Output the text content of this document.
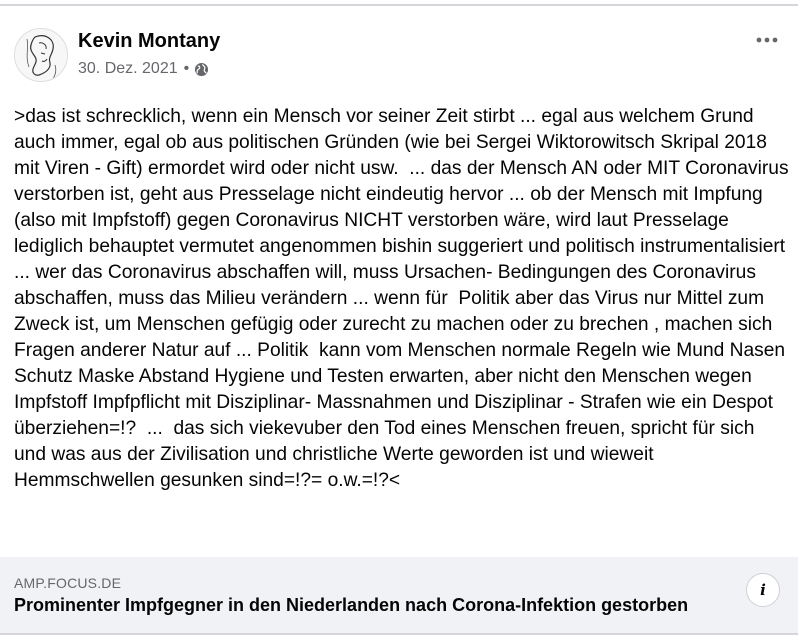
Kevin Montany
30. Dez. 2021 •

>das ist schrecklich, wenn ein Mensch vor seiner Zeit stirbt ... egal aus welchem Grund auch immer, egal ob aus politischen Gründen (wie bei Sergei Wiktorowitsch Skripal 2018 mit Viren - Gift) ermordet wird oder nicht usw.  ... das der Mensch AN oder MIT Coronavirus verstorben ist, geht aus Presselage nicht eindeutig hervor ... ob der Mensch mit Impfung (also mit Impfstoff) gegen Coronavirus NICHT verstorben wäre, wird laut Presselage lediglich behauptet vermutet angenommen bishin suggeriert und politisch instrumentalisiert ... wer das Coronavirus abschaffen will, muss Ursachen- Bedingungen des Coronavirus abschaffen, muss das Milieu verändern ... wenn für  Politik aber das Virus nur Mittel zum Zweck ist, um Menschen gefügig oder zurecht zu machen oder zu brechen , machen sich Fragen anderer Natur auf ... Politik  kann vom Menschen normale Regeln wie Mund Nasen Schutz Maske Abstand Hygiene und Testen erwarten, aber nicht den Menschen wegen Impfstoff Impfpflicht mit Disziplinar- Massnahmen und Disziplinar - Strafen wie ein Despot überziehen=!?  ...  das sich viekevuber den Tod eines Menschen freuen, spricht für sich und was aus der Zivilisation und christliche Werte geworden ist und wieweit Hemmschwellen gesunken sind=!?= o.w.=!?<

AMP.FOCUS.DE
Prominenter Impfgegner in den Niederlanden nach Corona-Infektion gestorben
i
